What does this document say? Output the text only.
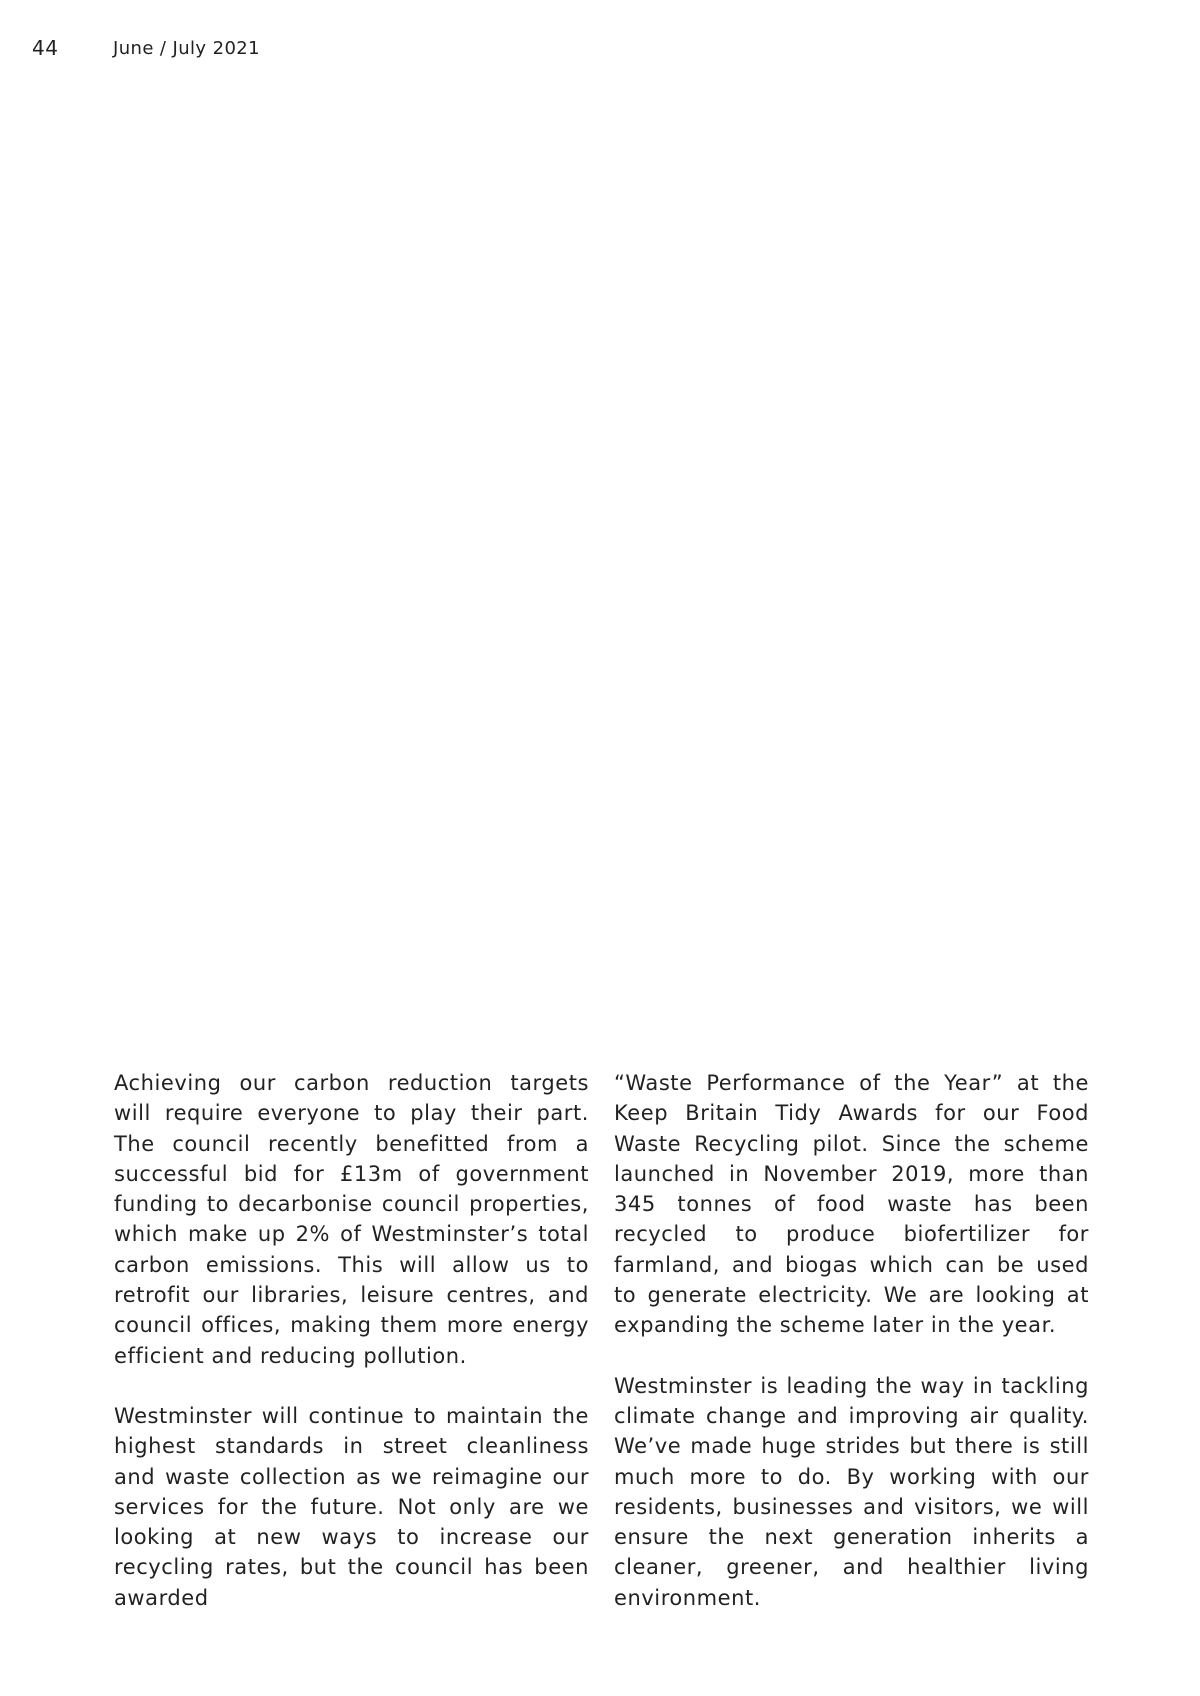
44	June / July 2021
139	TARZAN
3

Achieving our carbon reduction targets will require everyone to play their part. The council recently benefitted from a successful bid for £13m of government funding to decarbonise council properties, which make up 2% of Westminster’s total carbon emissions. This will allow us to retrofit our libraries, leisure centres, and council offices, making them more energy efficient and reducing pollution.

Westminster will continue to maintain the highest standards in street cleanliness and waste collection as we reimagine our services for the future. Not only are we looking at new ways to increase our recycling rates, but the council has been awarded

“Waste Performance of the Year” at the Keep Britain Tidy Awards for our Food Waste Recycling pilot. Since the scheme launched in November 2019, more than 345 tonnes of food waste has been recycled to produce biofertilizer for farmland, and biogas which can be used to generate electricity. We are looking at expanding the scheme later in the year.

Westminster is leading the way in tackling climate change and improving air quality. We’ve made huge strides but there is still much more to do. By working with our residents, businesses and visitors, we will ensure the next generation inherits a cleaner, greener, and healthier living environment.
